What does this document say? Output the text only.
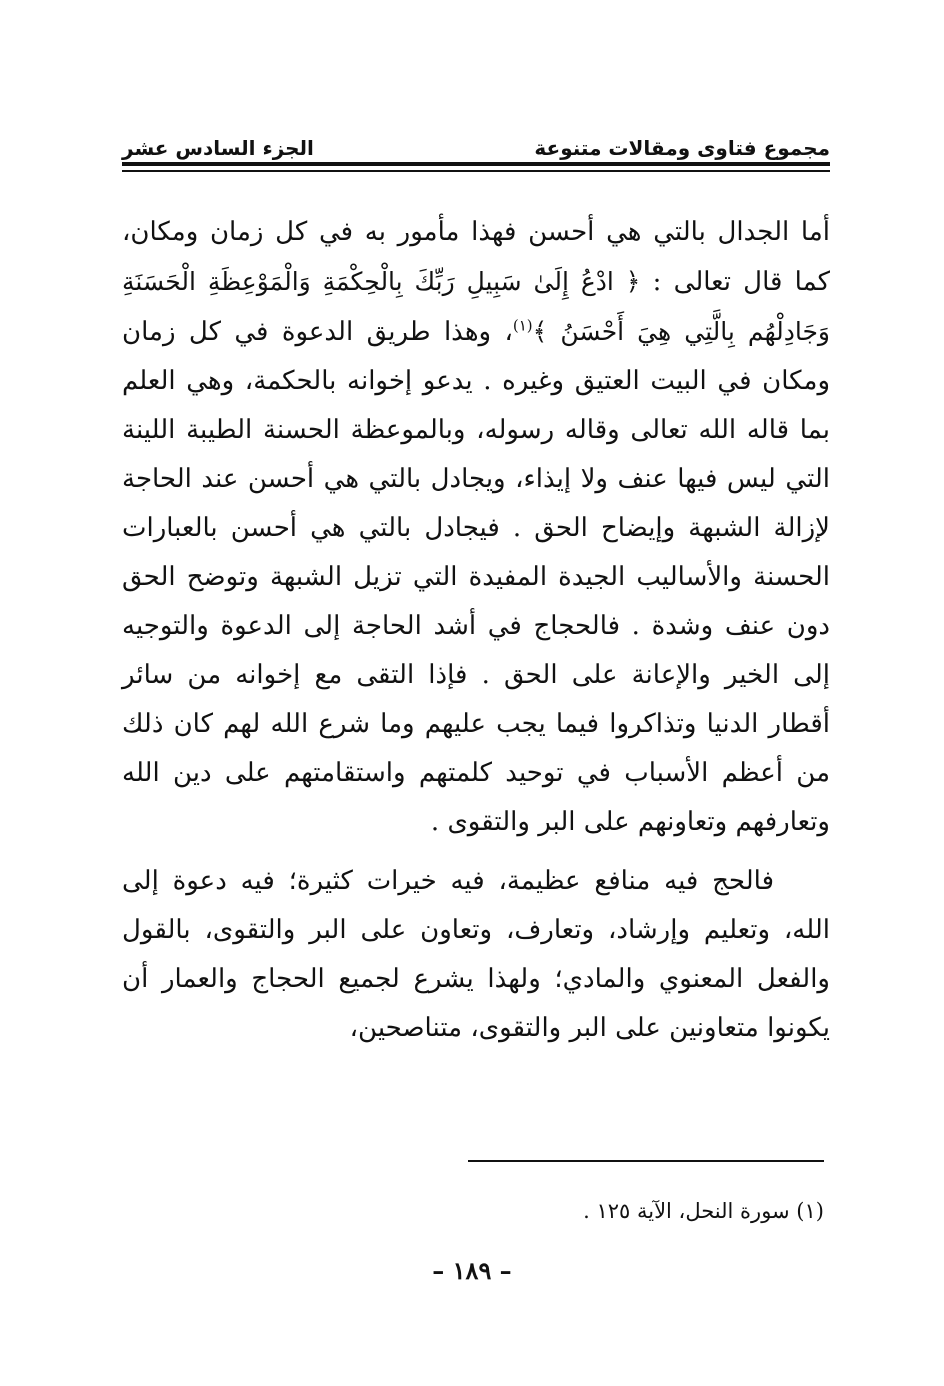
مجموع فتاوى ومقالات متنوعة
الجزء السادس عشر

أما الجدال بالتي هي أحسن فهذا مأمور به في كل زمان ومكان، كما قال تعالى : ﴿ ادْعُ إِلَىٰ سَبِيلِ رَبِّكَ بِالْحِكْمَةِ وَالْمَوْعِظَةِ الْحَسَنَةِ وَجَادِلْهُم بِالَّتِي هِيَ أَحْسَنُ ﴾$^{(١)}$، وهذا طريق الدعوة في كل زمان ومكان في البيت العتيق وغيره . يدعو إخوانه بالحكمة، وهي العلم بما قاله الله تعالى وقاله رسوله، وبالموعظة الحسنة الطيبة اللينة التي ليس فيها عنف ولا إيذاء، ويجادل بالتي هي أحسن عند الحاجة لإزالة الشبهة وإيضاح الحق . فيجادل بالتي هي أحسن بالعبارات الحسنة والأساليب الجيدة المفيدة التي تزيل الشبهة وتوضح الحق دون عنف وشدة . فالحجاج في أشد الحاجة إلى الدعوة والتوجيه إلى الخير والإعانة على الحق . فإذا التقى مع إخوانه من سائر أقطار الدنيا وتذاكروا فيما يجب عليهم وما شرع الله لهم كان ذلك من أعظم الأسباب في توحيد كلمتهم واستقامتهم على دين الله وتعارفهم وتعاونهم على البر والتقوى .

فالحج فيه منافع عظيمة، فيه خيرات كثيرة؛ فيه دعوة إلى الله، وتعليم وإرشاد، وتعارف، وتعاون على البر والتقوى، بالقول والفعل المعنوي والمادي؛ ولهذا يشرع لجميع الحجاج والعمار أن يكونوا متعاونين على البر والتقوى، متناصحين،

(١) سورة النحل، الآية ١٢٥ .
– ١٨٩ –
